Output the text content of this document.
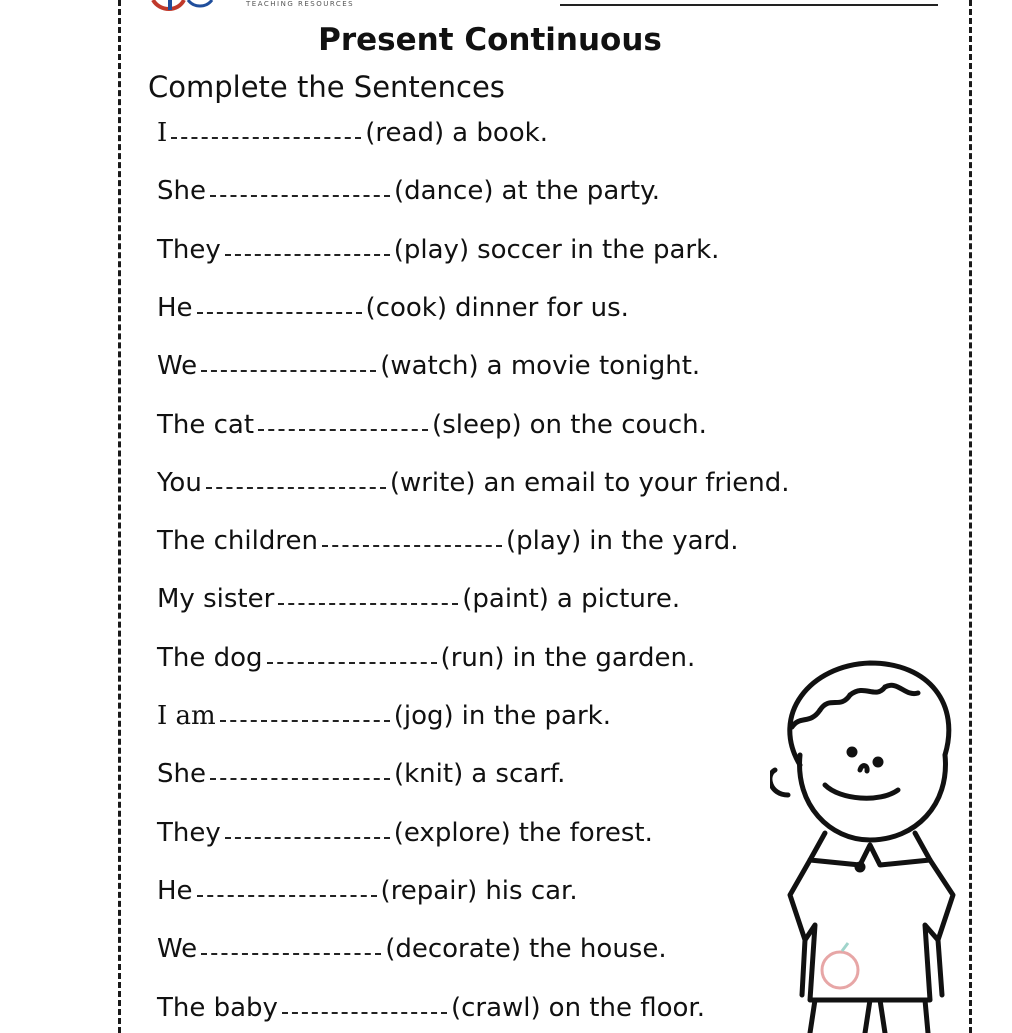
TEACHING RESOURCES
Present Continuous
Complete the Sentences
I	(read) a book.
She	(dance) at the party.
They	(play) soccer in the park.
He	(cook) dinner for us.
We	(watch) a movie tonight.
The cat	(sleep) on the couch.
You	(write) an email to your friend.
The children	(play) in the yard.
My sister	(paint) a picture.
The dog	(run) in the garden.
I am	(jog) in the park.
She	(knit) a scarf.
They	(explore) the forest.
He	(repair) his car.
We	(decorate) the house.
The baby	(crawl) on the floor.
